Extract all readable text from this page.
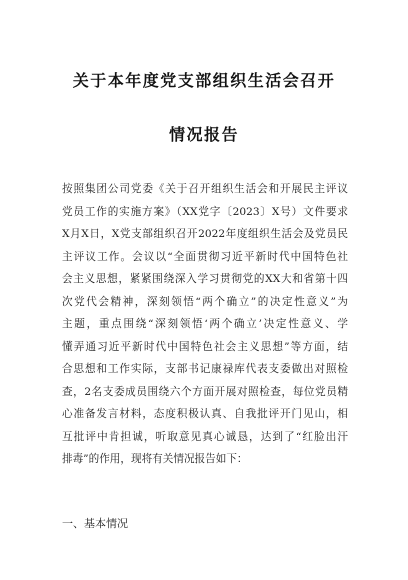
关于本年度党支部组织生活会召开
情况报告
按照集团公司党委《关于召开组织生活会和开展民主评议
党员工作的实施方案》（XX党字〔2023〕X号）文件要求
X月X日，X党支部组织召开2022年度组织生活会及党员民
主评议工作。会议以“全面贯彻习近平新时代中国特色社
会主义思想，紧紧围绕深入学习贯彻党的XX大和省第十四
次党代会精神，深刻领悟“两个确立”的决定性意义”为
主题，重点围绕“深刻领悟‘两个确立’决定性意义、学
懂弄通习近平新时代中国特色社会主义思想”等方面，结
合思想和工作实际，支部书记康禄库代表支委做出对照检
查，2名支委成员围绕六个方面开展对照检查，每位党员精
心准备发言材料，态度积极认真、自我批评开门见山，相
互批评中肯担诚，听取意见真心诚恳，达到了“红脸出汗
排毒”的作用，现将有关情况报告如下：
一、基本情况
